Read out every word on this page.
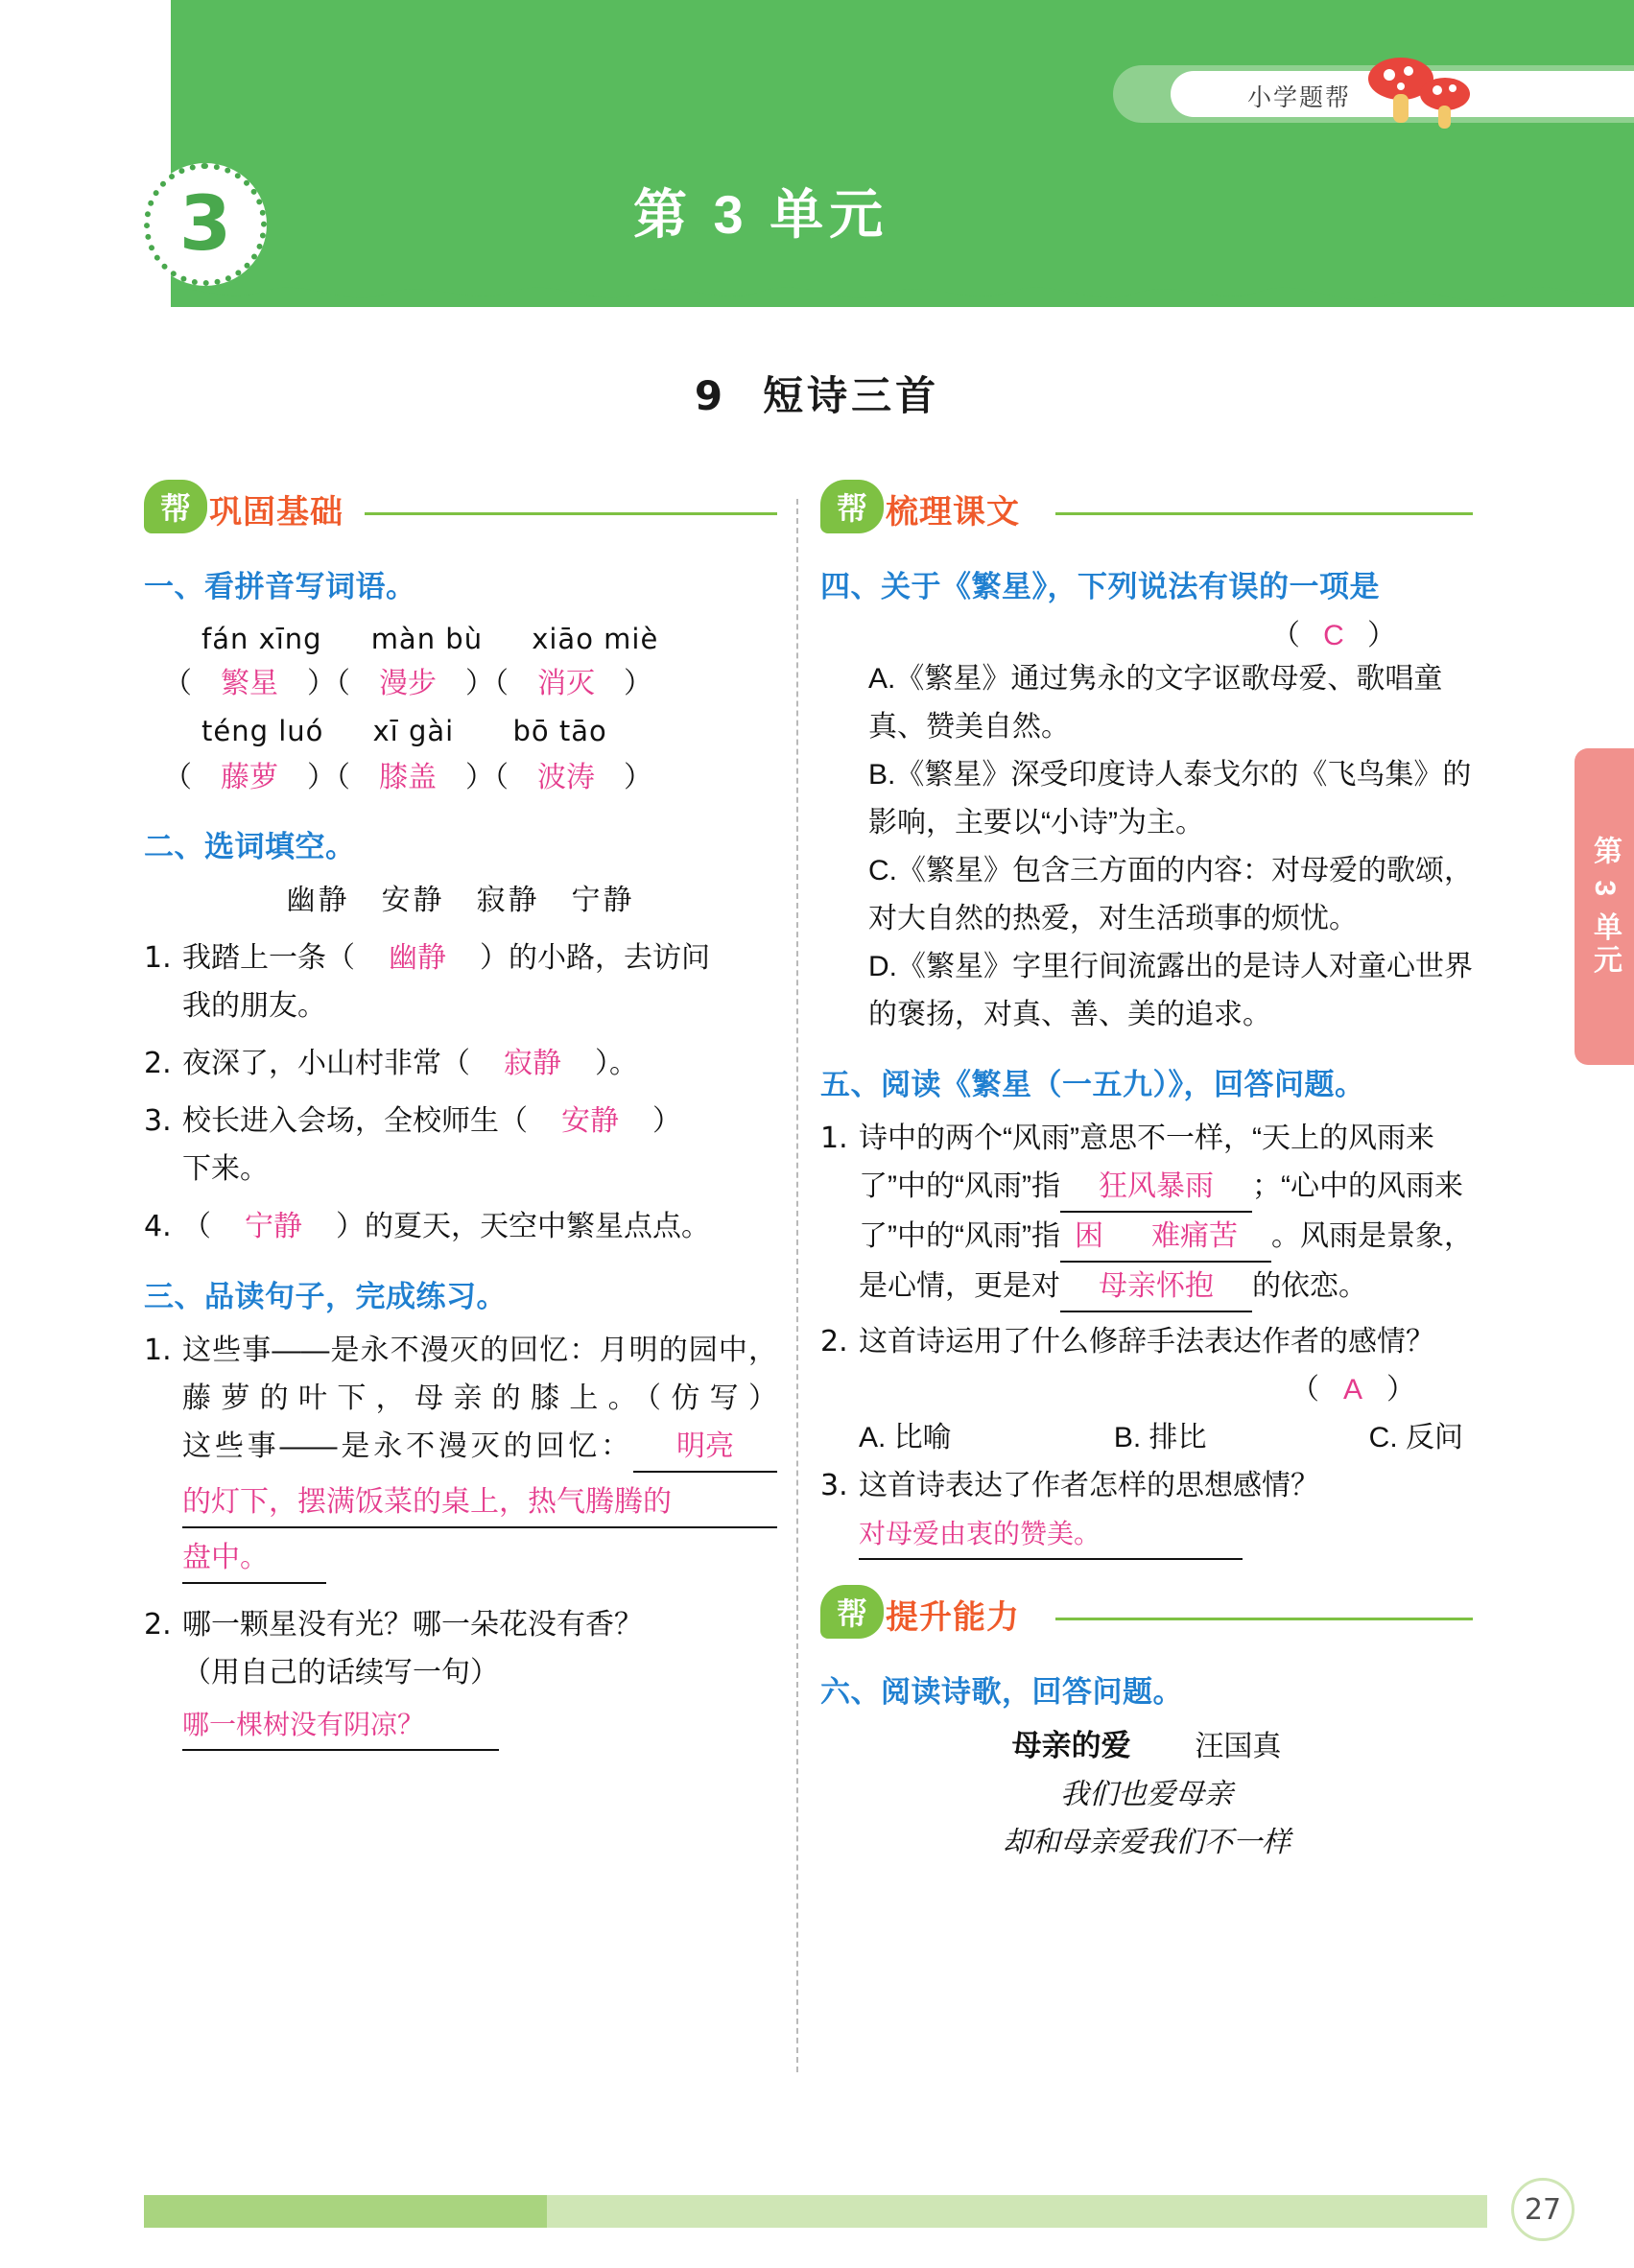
小学题帮
3	第 3 单元
9 短诗三首
帮 巩固基础
一、看拼音写词语。
fán xīng màn bù xiāo miè
（ 繁星 ）（ 漫步 ）（ 消灭 ）
téng luó xī gài bō tāo
（ 藤萝 ）（ 膝盖 ）（ 波涛 ）
二、选词填空。
幽静　安静　寂静　宁静
1. 我踏上一条（ 幽静 ）的小路，去访问
我的朋友。
2. 夜深了，小山村非常（ 寂静 ）。
3. 校长进入会场，全校师生（ 安静 ）
下来。
4. （ 宁静 ）的夏天，天空中繁星点点。
三、品读句子，完成练习。
1. 这些事——是永不漫灭的回忆：月明的园中，藤萝的叶下，母亲的膝上。（仿写）
这些事——是永不漫灭的回忆： 明亮 的灯下，摆满饭菜的桌上，热气腾腾的 盘中。
2. 哪一颗星没有光？哪一朵花没有香？
（用自己的话续写一句）
哪一棵树没有阴凉？
帮 梳理课文
四、关于《繁星》，下列说法有误的一项是
（ C ）
A.《繁星》通过隽永的文字讴歌母爱、歌唱童真、赞美自然。
B.《繁星》深受印度诗人泰戈尔的《飞鸟集》的影响，主要以“小诗”为主。
C.《繁星》包含三方面的内容：对母爱的歌颂，对大自然的热爱，对生活琐事的烦忧。
D.《繁星》字里行间流露出的是诗人对童心世界的褒扬，对真、善、美的追求。
五、阅读《繁星（一五九）》，回答问题。
1. 诗中的两个“风雨”意思不一样，“天上的风雨来了”中的“风雨”指 狂风暴雨 ；“心中的风雨来了”中的“风雨”指 困 难痛苦 。风雨是景象，是心情，更是对 母亲怀抱 的依恋。
2. 这首诗运用了什么修辞手法表达作者的感情？
（ A ）
A. 比喻	B. 排比	C. 反问
3. 这首诗表达了作者怎样的思想感情？
对母爱由衷的赞美。
帮 提升能力
六、阅读诗歌，回答问题。
母亲的爱 汪国真
我们也爱母亲
却和母亲爱我们不一样
第 3 单元
27
